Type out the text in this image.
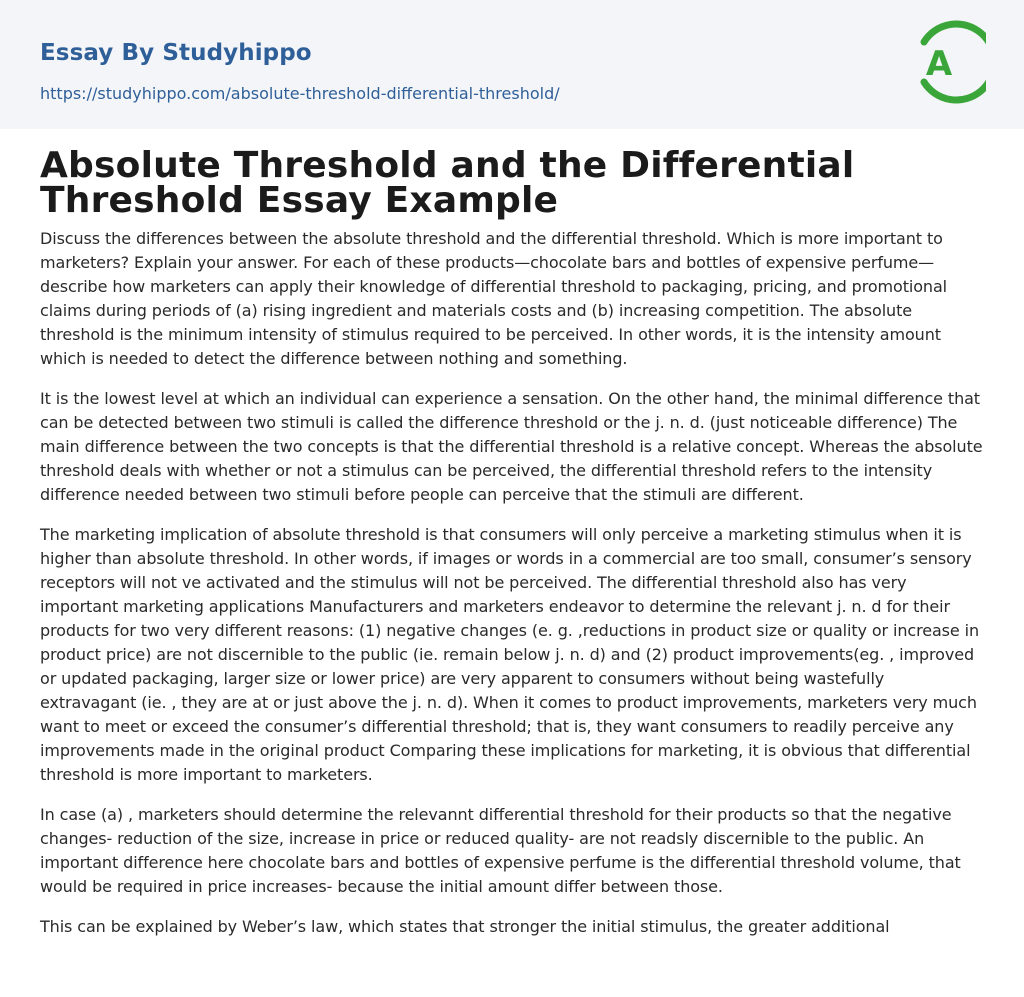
Essay By Studyhippo
https://studyhippo.com/absolute-threshold-differential-threshold/
A
Absolute Threshold and the Differential Threshold Essay Example

Discuss the differences between the absolute threshold and the differential threshold. Which is more important to marketers? Explain your answer. For each of these products—chocolate bars and bottles of expensive perfume—describe how marketers can apply their knowledge of differential threshold to packaging, pricing, and promotional claims during periods of (a) rising ingredient and materials costs and (b) increasing competition. The absolute threshold is the minimum intensity of stimulus required to be perceived. In other words, it is the intensity amount which is needed to detect the difference between nothing and something.

It is the lowest level at which an individual can experience a sensation. On the other hand, the minimal difference that can be detected between two stimuli is called the difference threshold or the j. n. d. (just noticeable difference) The main difference between the two concepts is that the differential threshold is a relative concept. Whereas the absolute threshold deals with whether or not a stimulus can be perceived, the differential threshold refers to the intensity difference needed between two stimuli before people can perceive that the stimuli are different.

The marketing implication of absolute threshold is that consumers will only perceive a marketing stimulus when it is higher than absolute threshold. In other words, if images or words in a commercial are too small, consumer’s sensory receptors will not ve activated and the stimulus will not be perceived. The differential threshold also has very important marketing applications Manufacturers and marketers endeavor to determine the relevant j. n. d for their products for two very different reasons: (1) negative changes (e. g. ,reductions in product size or quality or increase in product price) are not discernible to the public (ie. remain below j. n. d) and (2) product improvements(eg. , improved or updated packaging, larger size or lower price) are very apparent to consumers without being wastefully extravagant (ie. , they are at or just above the j. n. d). When it comes to product improvements, marketers very much want to meet or exceed the consumer’s differential threshold; that is, they want consumers to readily perceive any improvements made in the original product Comparing these implications for marketing, it is obvious that differential threshold is more important to marketers.

In case (a) , marketers should determine the relevannt differential threshold for their products so that the negative changes- reduction of the size, increase in price or reduced quality- are not readsly discernible to the public. An important difference here chocolate bars and bottles of expensive perfume is the differential threshold volume, that would be required in price increases- because the initial amount differ between those.

This can be explained by Weber’s law, which states that stronger the initial stimulus, the greater additional
